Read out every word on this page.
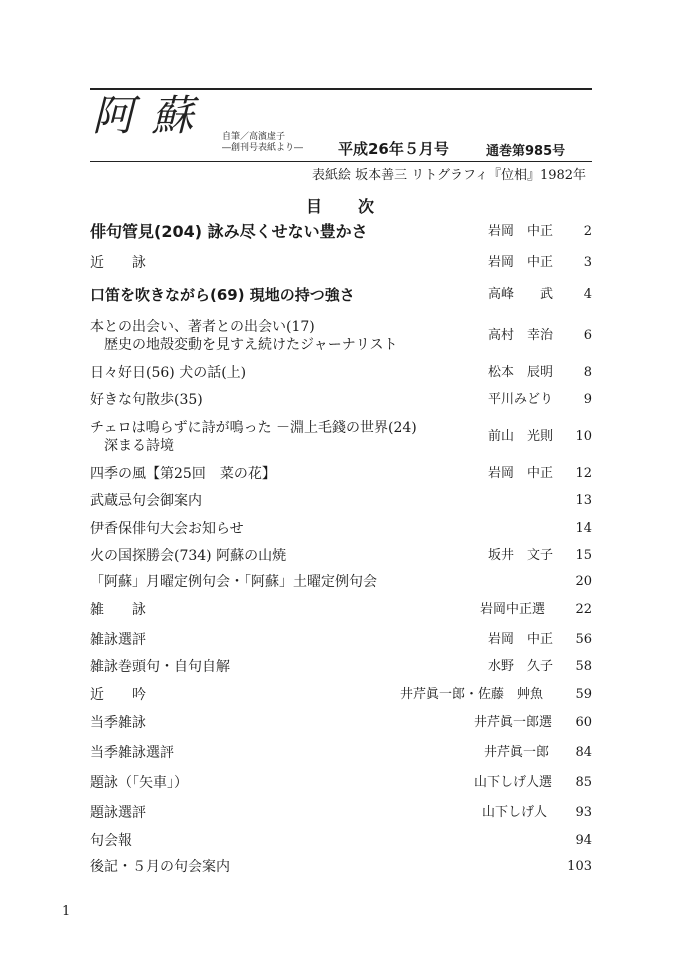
阿 蘇	自筆／高濱虚子
―創刊号表紙より― 平成26年５月号	通巻第985号
表紙絵 坂本善三 リトグラフィ『位相』1982年
目次
俳句管見(204) 詠み尽くせない豊かさ	岩岡　中正 2
近　　詠	岩岡　中正 3
口笛を吹きながら(69) 現地の持つ強さ	高峰　　武 4
本との出会い、著者との出会い(17)
歴史の地殻変動を見すえ続けたジャーナリスト
高村　幸治 6
日々好日(56) 犬の話(上)	松本　辰明 8
好きな句散歩(35)	平川みどり 9
チェロは鳴らずに詩が鳴った －淵上毛錢の世界(24)
深まる詩境
前山　光則 10
四季の風【第25回　菜の花】	岩岡　中正 12
武蔵忌句会御案内	13
伊香保俳句大会お知らせ	14
火の国探勝会(734) 阿蘇の山焼	坂井　文子 15
「阿蘇」月曜定例句会・「阿蘇」土曜定例句会	20
雑　　詠	岩岡中正選 22
雑詠選評	岩岡　中正 56
雑詠巻頭句・自句自解	水野　久子 58
近　　吟	井芹眞一郎・佐藤　艸魚 59
当季雑詠	井芹眞一郎選 60
当季雑詠選評	井芹眞一郎 84
題詠（「矢車」）	山下しげ人選 85
題詠選評	山下しげ人 93
句会報	94
後記・５月の句会案内	103
1
